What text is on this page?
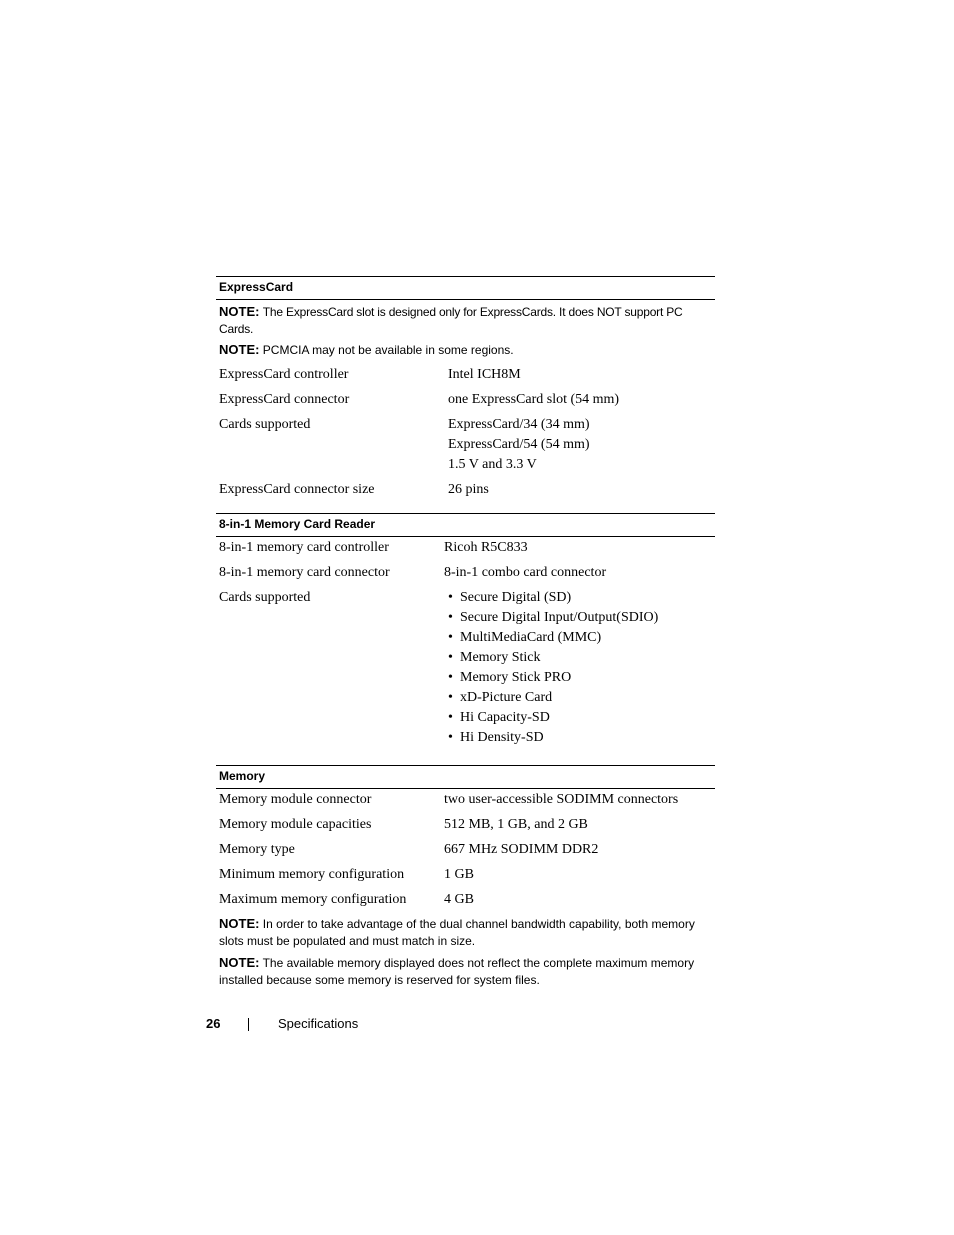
ExpressCard
NOTE: The ExpressCard slot is designed only for ExpressCards. It does NOT support PC Cards.
NOTE: PCMCIA may not be available in some regions.
ExpressCard controller	Intel ICH8M
ExpressCard connector	one ExpressCard slot (54 mm)
Cards supported	ExpressCard/34 (34 mm)
ExpressCard/54 (54 mm)
1.5 V and 3.3 V
ExpressCard connector size	26 pins
8-in-1 Memory Card Reader
8-in-1 memory card controller	Ricoh R5C833
8-in-1 memory card connector	8-in-1 combo card connector
Cards supported
•	Secure Digital (SD)
• Secure Digital Input/Output(SDIO)
• MultiMediaCard (MMC)
• Memory Stick
• Memory Stick PRO
• xD-Picture Card
• Hi Capacity-SD
• Hi Density-SD
Memory
Memory module connector	two user-accessible SODIMM connectors
Memory module capacities	512 MB, 1 GB, and 2 GB
Memory type	667 MHz SODIMM DDR2
Minimum memory configuration	1 GB
Maximum memory configuration	4 GB
NOTE: In order to take advantage of the dual channel bandwidth capability, both memory slots must be populated and must match in size.
NOTE: The available memory displayed does not reflect the complete maximum memory installed because some memory is reserved for system files.
26	Specifications
